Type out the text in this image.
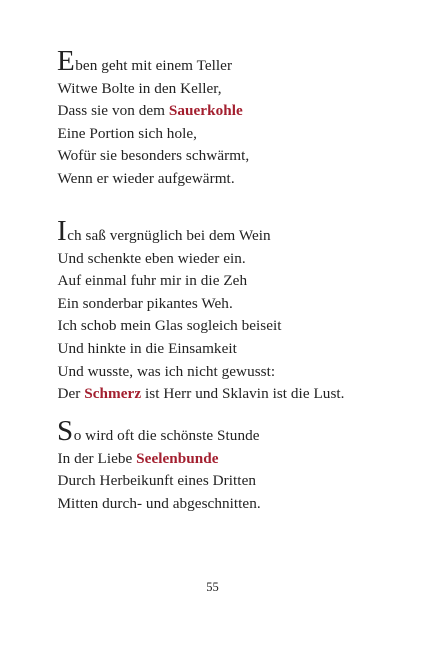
Eben geht mit einem Teller
Witwe Bolte in den Keller,
Dass sie von dem Sauerkohle
Eine Portion sich hole,
Wofür sie besonders schwärmt,
Wenn er wieder aufgewärmt.
Ich saß vergnüglich bei dem Wein
Und schenkte eben wieder ein.
Auf einmal fuhr mir in die Zeh
Ein sonderbar pikantes Weh.
Ich schob mein Glas sogleich beiseit
Und hinkte in die Einsamkeit
Und wusste, was ich nicht gewusst:
Der Schmerz ist Herr und Sklavin ist die Lust.
So wird oft die schönste Stunde
In der Liebe Seelenbunde
Durch Herbeikunft eines Dritten
Mitten durch- und abgeschnitten.
55
